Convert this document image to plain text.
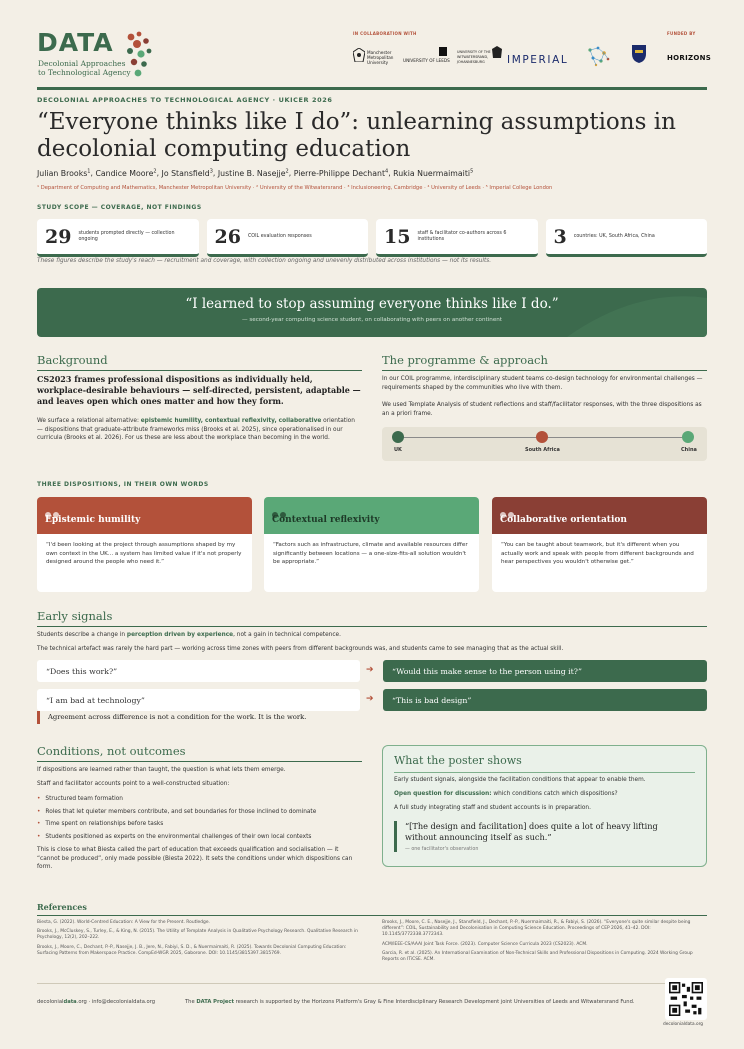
DATA
Decolonial Approaches
to Technological Agency
IN COLLABORATION WITH	FUNDED BY
Manchester Metropolitan University	UNIVERSITY OF LEEDS
UNIVERSITY OF THE WITWATERSRAND, JOHANNESBURG	IMPERIAL	HORIZONS
DECOLONIAL APPROACHES TO TECHNOLOGICAL AGENCY · UKICER 2026
“Everyone thinks like I do”: unlearning assumptions in decolonial computing education
Julian Brooks$^1$, Candice Moore$^2$, Jo Stansfield$^3$, Justine B. Nasejje$^2$, Pierre-Philippe Dechant$^4$, Rukia Nuermaimaiti$^5$
¹ Department of Computing and Mathematics, Manchester Metropolitan University · ² University of the Witwatersrand · ³ Inclusioneering, Cambridge · ⁴ University of Leeds · ⁵ Imperial College London
STUDY SCOPE — COVERAGE, NOT FINDINGS
29 students prompted directly — collection ongoing	26 COIL evaluation responses	15 staff & facilitator co-authors across 6 institutions	3 countries: UK, South Africa, China
These figures describe the study's reach — recruitment and coverage, with collection ongoing and unevenly distributed across institutions — not its results.
“I learned to stop assuming everyone thinks like I do.”
— second-year computing science student, on collaborating with peers on another continent
Background
CS2023 frames professional dispositions as individually held, workplace-desirable behaviours — self-directed, persistent, adaptable — and leaves open which ones matter and how they form.
We surface a relational alternative: epistemic humility, contextual reflexivity, collaborative orientation — dispositions that graduate-attribute frameworks miss (Brooks et al. 2025), since operationalised in our curricula (Brooks et al. 2026). For us these are less about the workplace than becoming in the world.
The programme & approach
In our COIL programme, interdisciplinary student teams co-design technology for environmental challenges — requirements shaped by the communities who live with them.
We used Template Analysis of student reflections and staff/facilitator responses, with the three dispositions as an a priori frame.
UK	South Africa	China
THREE DISPOSITIONS, IN THEIR OWN WORDS
Epistemic humility
“I'd been looking at the project through assumptions shaped by my own context in the UK... a system has limited value if it's not properly designed around the people who need it.”
Contextual reflexivity
“Factors such as infrastructure, climate and available resources differ significantly between locations — a one-size-fits-all solution wouldn't be appropriate.”
Collaborative orientation
“You can be taught about teamwork, but it's different when you actually work and speak with people from different backgrounds and hear perspectives you wouldn't otherwise get.”
Early signals
Students describe a change in perception driven by experience, not a gain in technical competence.
The technical artefact was rarely the hard part — working across time zones with peers from different backgrounds was, and students came to see managing that as the actual skill.
“Does this work?”	➔	“Would this make sense to the person using it?”
“I am bad at technology”	➔	“This is bad design”
Agreement across difference is not a condition for the work. It is the work.
Conditions, not outcomes
If dispositions are learned rather than taught, the question is what lets them emerge.
Staff and facilitator accounts point to a well-constructed situation:
• Structured team formation
• Roles that let quieter members contribute, and set boundaries for those inclined to dominate
• Time spent on relationships before tasks
• Students positioned as experts on the environmental challenges of their own local contexts
This is close to what Biesta called the part of education that exceeds qualification and socialisation — it “cannot be produced”, only made possible (Biesta 2022). It sets the conditions under which dispositions can form.
What the poster shows
Early student signals, alongside the facilitation conditions that appear to enable them.
Open question for discussion: which conditions catch which dispositions?
A full study integrating staff and student accounts is in preparation.
“[The design and facilitation] does quite a lot of heavy lifting without announcing itself as such.”
— one facilitator's observation
References

Biesta, G. (2022). World-Centred Education: A View for the Present. Routledge.

Brooks, J., McCluskey, S., Turley, E., & King, N. (2015). The Utility of Template Analysis in Qualitative Psychology Research. Qualitative Research in Psychology, 12(2), 202–222.

Brooks, J., Moore, C., Dechant, P.-P., Nasejje, J. B., Jere, N., Fabiyi, S. D., & Nuermaimaiti, R. (2025). Towards Decolonial Computing Education: Surfacing Patterns from Makerspace Practice. CompEd-WGR 2025, Gaborone. DOI: 10.1145/3815397.3815769.

Brooks, J., Moore, C. E., Nasejje, J., Stansfield, J., Dechant, P.-P., Nuermaimaiti, R., & Fabiyi, S. (2026). “Everyone's quite similar despite being different”: COIL, Sustainability and Decolonisation in Computing Science Education. Proceedings of CEP 2026, 41–42. DOI: 10.1145/3772338.3772343.

ACM/IEEE-CS/AAAI Joint Task Force. (2023). Computer Science Curricula 2023 (CS2023). ACM.

Garcia, R. et al. (2025). An International Examination of Non-Technical Skills and Professional Dispositions in Computing. 2024 Working Group Reports on ITiCSE. ACM.

decolonialdata.org · info@decolonialdata.org	The DATA Project research is supported by the Horizons Platform's Gray & Fine Interdisciplinary Research Development joint Universities of Leeds and Witwatersrand Fund.
decolonialdata.org
